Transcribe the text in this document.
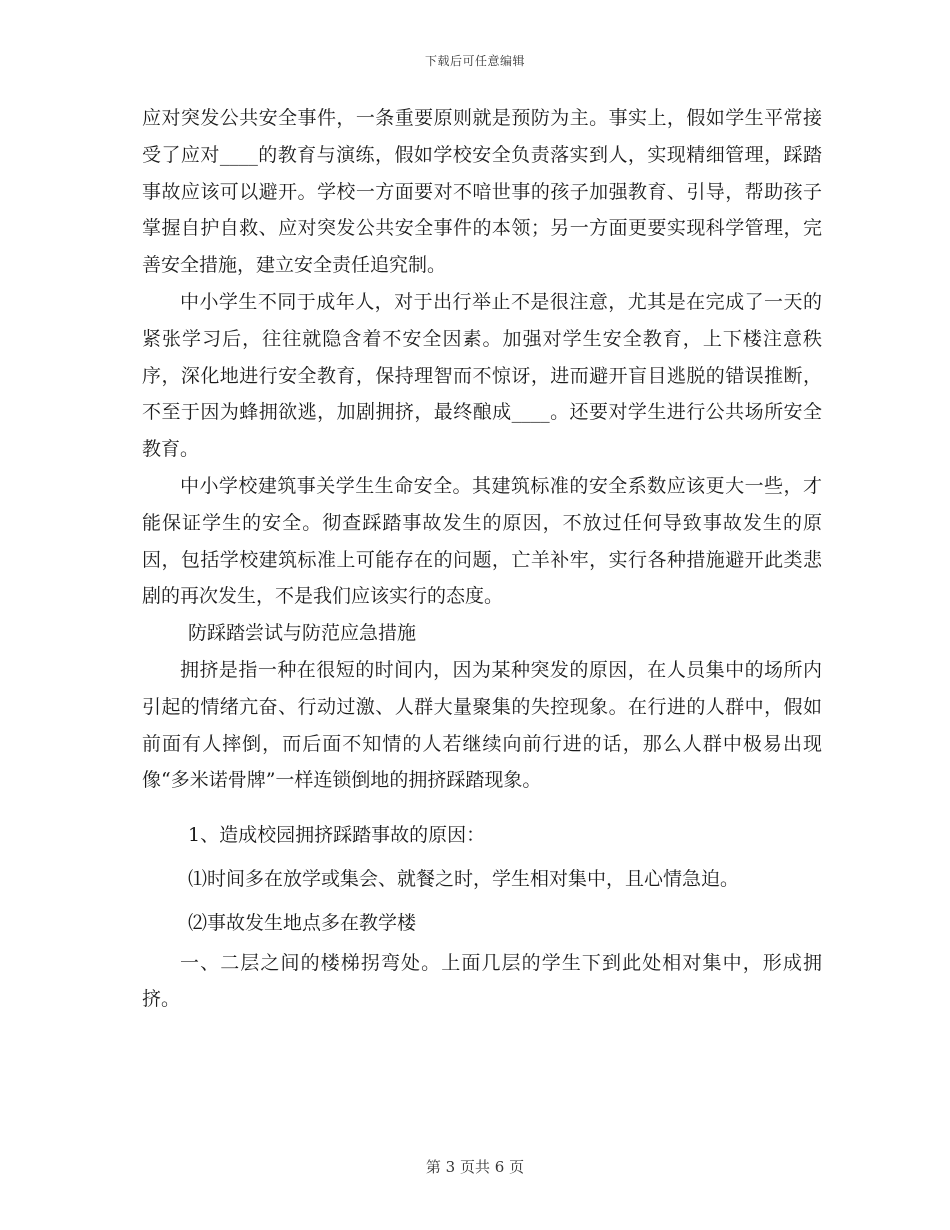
下载后可任意编辑

应对突发公共安全事件，一条重要原则就是预防为主。事实上，假如学生平常接受了应对____的教育与演练，假如学校安全负责落实到人，实现精细管理，踩踏事故应该可以避开。学校一方面要对不喑世事的孩子加强教育、引导，帮助孩子掌握自护自救、应对突发公共安全事件的本领；另一方面更要实现科学管理，完善安全措施，建立安全责任追究制。

中小学生不同于成年人，对于出行举止不是很注意，尤其是在完成了一天的紧张学习后，往往就隐含着不安全因素。加强对学生安全教育，上下楼注意秩序，深化地进行安全教育，保持理智而不惊讶，进而避开盲目逃脱的错误推断，不至于因为蜂拥欲逃，加剧拥挤，最终酿成____。还要对学生进行公共场所安全教育。

中小学校建筑事关学生生命安全。其建筑标准的安全系数应该更大一些，才能保证学生的安全。彻查踩踏事故发生的原因，不放过任何导致事故发生的原因，包括学校建筑标准上可能存在的问题，亡羊补牢，实行各种措施避开此类悲剧的再次发生，不是我们应该实行的态度。

防踩踏尝试与防范应急措施

拥挤是指一种在很短的时间内，因为某种突发的原因，在人员集中的场所内引起的情绪亢奋、行动过激、人群大量聚集的失控现象。在行进的人群中，假如前面有人摔倒，而后面不知情的人若继续向前行进的话，那么人群中极易出现像“多米诺骨牌”一样连锁倒地的拥挤踩踏现象。

1、造成校园拥挤踩踏事故的原因：

⑴时间多在放学或集会、就餐之时，学生相对集中，且心情急迫。

⑵事故发生地点多在教学楼

一、二层之间的楼梯拐弯处。上面几层的学生下到此处相对集中，形成拥挤。

第 3 页共 6 页
